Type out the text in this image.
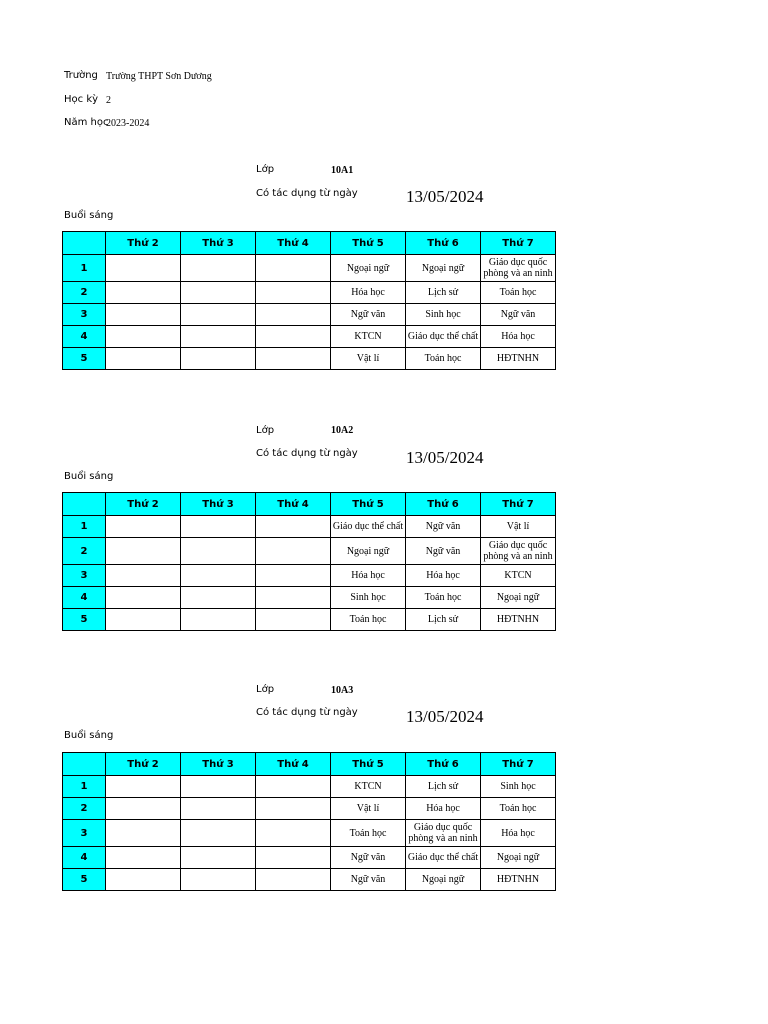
Trường Trường THPT Sơn Dương
Học kỳ 2
Năm học
2023-2024
Lớp	10A1
Có tác dụng từ ngày	13/05/2024
Buổi sáng
	Thứ 2	Thứ 3	Thứ 4	Thứ 5	Thứ 6	Thứ 7
1				Ngoại ngữ	Ngoại ngữ	Giáo dục quốc phòng và an ninh
2				Hóa học	Lịch sử	Toán học
3				Ngữ văn	Sinh học	Ngữ văn
4				KTCN	Giáo dục thể chất	Hóa học
5				Vật lí	Toán học	HĐTNHN
Lớp	10A2
Có tác dụng từ ngày	13/05/2024
Buổi sáng
	Thứ 2	Thứ 3	Thứ 4	Thứ 5	Thứ 6	Thứ 7
1				Giáo dục thể chất	Ngữ văn	Vật lí
2				Ngoại ngữ	Ngữ văn	Giáo dục quốc phòng và an ninh
3				Hóa học	Hóa học	KTCN
4				Sinh học	Toán học	Ngoại ngữ
5				Toán học	Lịch sử	HĐTNHN
Lớp	10A3
Có tác dụng từ ngày	13/05/2024
Buổi sáng
	Thứ 2	Thứ 3	Thứ 4	Thứ 5	Thứ 6	Thứ 7
1				KTCN	Lịch sử	Sinh học
2				Vật lí	Hóa học	Toán học
3				Toán học	Giáo dục quốc phòng và an ninh	Hóa học
4				Ngữ văn	Giáo dục thể chất	Ngoại ngữ
5				Ngữ văn	Ngoại ngữ	HĐTNHN
